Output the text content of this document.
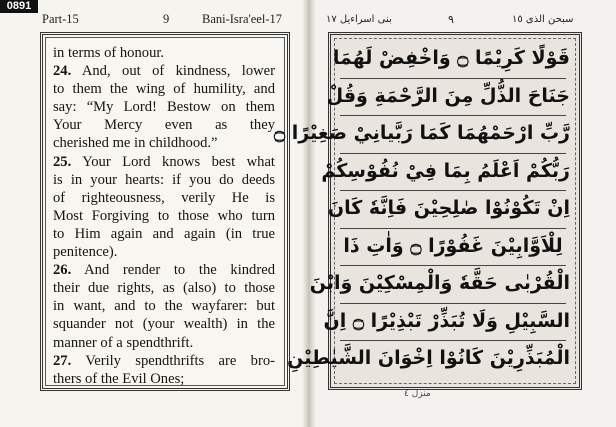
0891
Part-15	9	Bani-Isra'eel-17	بنى اسراءيل ١٧	٩	سبحن الذى ١٥
in terms of honour.
24. And, out of kindness, lower
to them the wing of humility, and
say: “My Lord! Bestow on them
Your Mercy even as they
cherished me in childhood.”
25. Your Lord knows best what
is in your hearts: if you do deeds
of righteousness, verily He is
Most Forgiving to those who turn
to Him again and again (in true
penitence).
26. And render to the kindred
their due rights, as (also) to those
in want, and to the wayfarer: but
squander not (your wealth) in the
manner of a spendthrift.
27. Verily spendthrifts are bro-
thers of the Evil Ones;
قَوْلًا كَرِيْمًا ۝ وَاخْفِضْ لَهُمَا
جَنَاحَ الذُّلِّ مِنَ الرَّحْمَةِ وَقُلْ
رَّبِّ ارْحَمْهُمَا كَمَا رَبَّيانِيْ صَغِيْرًا ۝
رَبُّكُمْ اَعْلَمُ بِمَا فِيْ نُفُوْسِكُمْ
اِنْ تَكُوْنُوْا صٰلِحِيْنَ فَاِنَّهٗ كَانَ
لِلْاَوَّابِيْنَ غَفُوْرًا ۝ وَاٰتِ ذَا
الْقُرْبٰى حَقَّهٗ وَالْمِسْكِيْنَ وَابْنَ
السَّبِيْلِ وَلَا تُبَذِّرْ تَبْذِيْرًا ۝ اِنَّ
الْمُبَذِّرِيْنَ كَانُوْا اِخْوَانَ الشَّيٰطِيْنِ
منزل ٤
